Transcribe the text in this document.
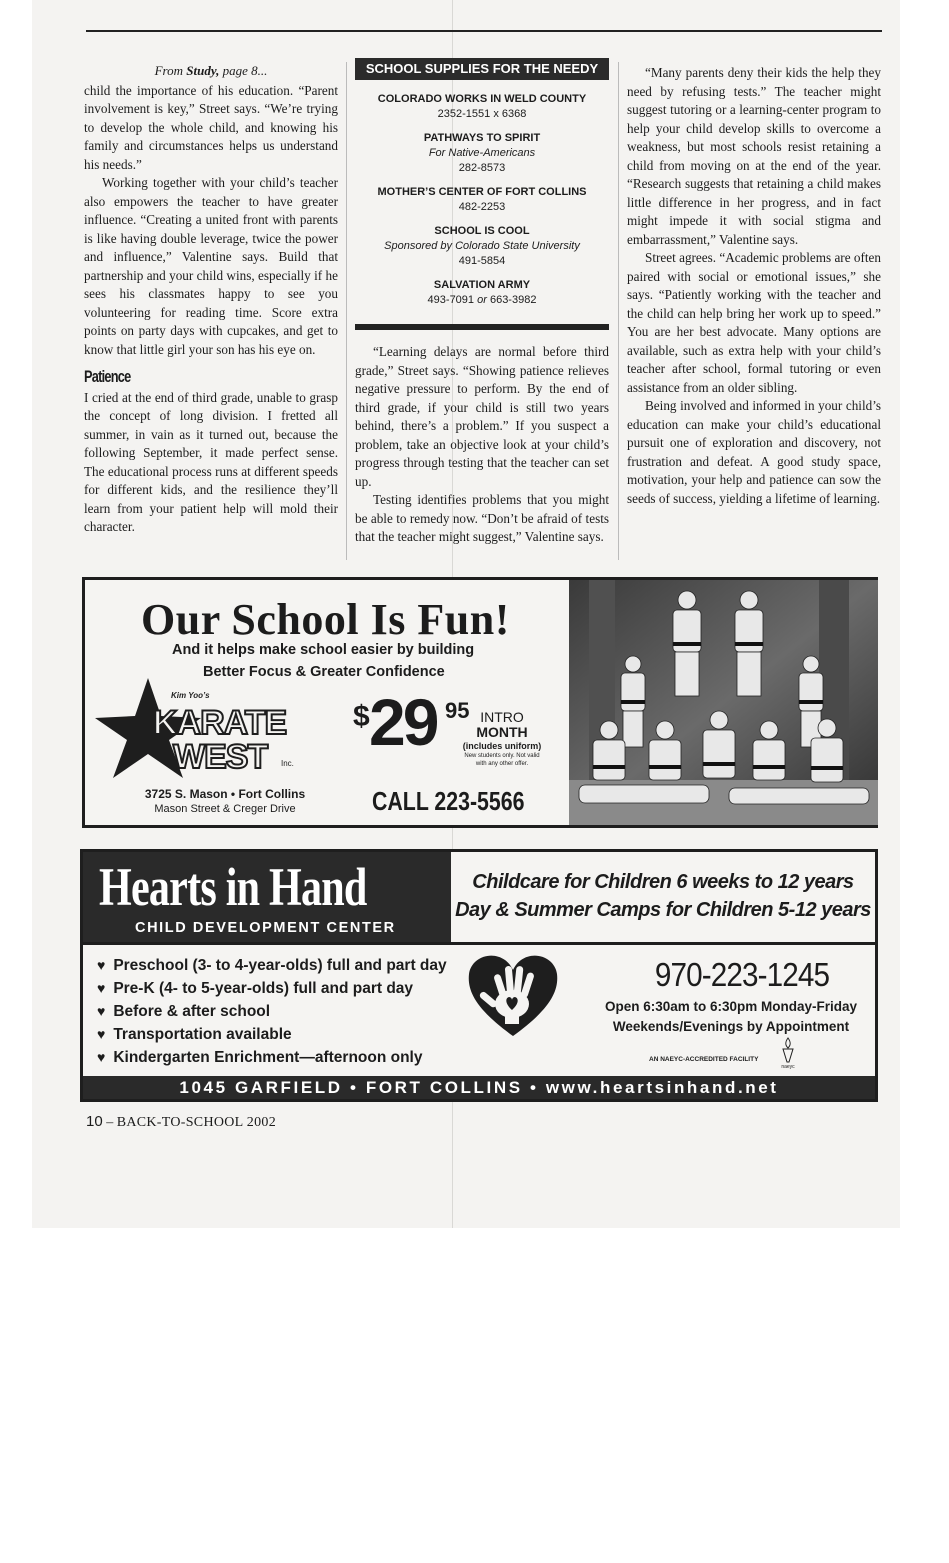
From Study, page 8...

child the importance of his education. “Parent involvement is key,” Street says. “We’re trying to develop the whole child, and knowing his family and circumstances helps us understand his needs.”

Working together with your child’s teacher also empowers the teacher to have greater influence. “Creating a united front with parents is like having double leverage, twice the power and influence,” Valentine says. Build that partnership and your child wins, especially if he sees his classmates happy to see you volunteering for reading time. Score extra points on party days with cupcakes, and get to know that little girl your son has his eye on.

Patience

I cried at the end of third grade, unable to grasp the concept of long division. I fretted all summer, in vain as it turned out, because the following September, it made perfect sense. The educational process runs at different speeds for different kids, and the resilience they’ll learn from your patient help will mold their character.

SCHOOL SUPPLIES FOR THE NEEDY
COLORADO WORKS IN WELD COUNTY
2352-1551 x 6368
PATHWAYS TO SPIRIT
For Native-Americans
282-8573
MOTHER’S CENTER OF FORT COLLINS
482-2253
SCHOOL IS COOL
Sponsored by Colorado State University
491-5854
SALVATION ARMY
493-7091 or 663-3982

“Learning delays are normal before third grade,” Street says. “Showing patience relieves negative pressure to perform. By the end of third grade, if your child is still two years behind, there’s a problem.” If you suspect a problem, take an objective look at your child’s progress through testing that the teacher can set up.

Testing identifies problems that you might be able to remedy now. “Don’t be afraid of tests that the teacher might suggest,” Valentine says.

“Many parents deny their kids the help they need by refusing tests.” The teacher might suggest tutoring or a learning-center program to help your child develop skills to overcome a weakness, but most schools resist retaining a child from moving on at the end of the year. “Research suggests that retaining a child makes little difference in her progress, and in fact might impede it with social stigma and embarrassment,” Valentine says.

Street agrees. “Academic problems are often paired with social or emotional issues,” she says. “Patiently working with the teacher and the child can help bring her work up to speed.” You are her best advocate. Many options are available, such as extra help with your child’s teacher after school, formal tutoring or even assistance from an older sibling.

Being involved and informed in your child’s education can make your child’s educational pursuit one of exploration and discovery, not frustration and defeat. A good study space, motivation, your help and patience can sow the seeds of success, yielding a lifetime of learning.

Our School Is Fun!
And it helps make school easier by building
Better Focus & Greater Confidence
Kim Yoo’s
KARATE
WEST Inc.
3725 S. Mason • Fort Collins
Mason Street & Creger Drive
$ 29 95 INTRO
MONTH
(includes uniform)
New students only. Not valid
with any other offer.
CALL 223-5566
Hearts in Hand
CHILD DEVELOPMENT CENTER
Childcare for Children 6 weeks to 12 years
Day & Summer Camps for Children 5-12 years
♥ Preschool (3- to 4-year-olds) full and part day
♥ Pre-K (4- to 5-year-olds) full and part day
♥ Before & after school
♥ Transportation available
♥ Kindergarten Enrichment—afternoon only
970-223-1245
Open 6:30am to 6:30pm Monday-Friday
Weekends/Evenings by Appointment
AN NAEYC-ACCREDITED FACILITY
naeyc
1045 GARFIELD • FORT COLLINS • www.heartsinhand.net
10 – BACK-TO-SCHOOL 2002
